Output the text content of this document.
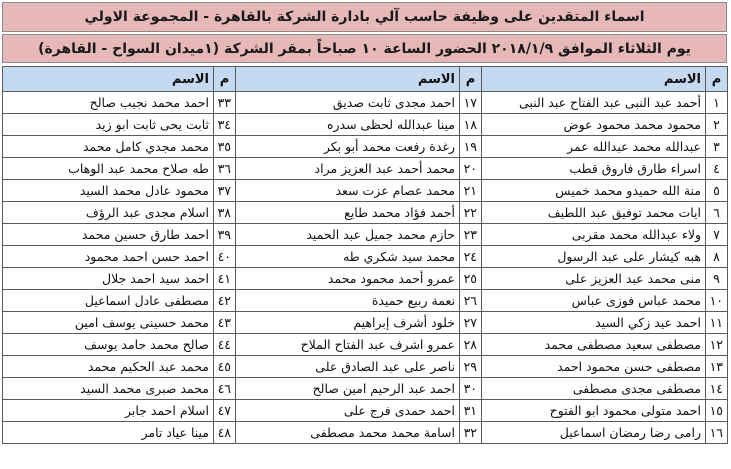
اسماء المتقدين على وظيفة حاسب آلي بادارة الشركة بالقاهرة - المجموعة الاولي
يوم الثلاثاء الموافق ٢٠١٨/١/٩ الحضور الساعة ١٠ صباحاً بمقر الشركة (١ميدان السواح - القاهرة)
م	الاسم	م	الاسم	م	الاسم
١	أحمد عبد النبى عبد الفتاح عبد النبى	١٧	احمد مجدى ثابت صديق	٣٣	احمد محمد نجيب صالح
٢	محمود محمد محمود عوض	١٨	مينا عبدالله لحظى سدره	٣٤	ثابت يحى ثابت ابو زيد
٣	عبدالله محمد عبدالله عمر	١٩	رغدة رفعت محمد أبو بكر	٣٥	محمد مجدي كامل محمد
٤	اسراء طارق فاروق قطب	٢٠	محمد أحمد عبد العزيز مراد	٣٦	طه صلاح محمد عبد الوهاب
٥	منة الله حميدو محمد خميس	٢١	محمد عصام عزت سعد	٣٧	محمود عادل محمد السيد
٦	ايات محمد توفيق عبد اللطيف	٢٢	أحمد فؤاد محمد طايع	٣٨	اسلام مجدى عبد الرؤف
٧	ولاء عبدالله محمد مقربى	٢٣	حازم محمد جميل عبد الحميد	٣٩	احمد طارق حسين محمد
٨	هبه كيشار على عبد الرسول	٢٤	محمد سيد شكري طه	٤٠	احمد حسن احمد محمود
٩	منى محمد عبد العزيز على	٢٥	عمرو أحمد محمود محمد	٤١	احمد سيد احمد جلال
١٠	محمد عباس فوزى عباس	٢٦	نعمة ربيع حميدة	٤٢	مصطفى عادل اسماعيل
١١	احمد عيد زكي السيد	٢٧	خلود أشرف إبراهيم	٤٣	محمد حسينى يوسف امين
١٢	مصطفى سعيد مصطفى محمد	٢٨	عمرو اشرف عبد الفتاح الملاح	٤٤	صالح محمد حامد يوسف
١٣	مصطفى حسن محمود احمد	٢٩	ناصر على عبد الصادق على	٤٥	محمد عبد الحكيم محمد
١٤	مصطفى مجدى مصطفى	٣٠	احمد عبد الرحيم امين صالح	٤٦	محمد صبرى محمد السيد
١٥	احمد متولى محمود ابو الفتوح	٣١	احمد حمدى فرج على	٤٧	اسلام احمد جابر
١٦	رامى رضا رمضان اسماعيل	٣٢	اسامة محمد محمد مصطفى	٤٨	مينا عياد تامر
